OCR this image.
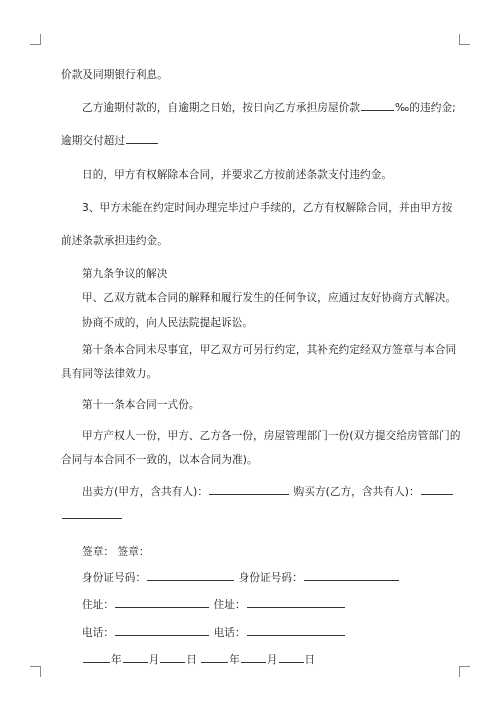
价款及同期银行利息。
乙方逾期付款的，自逾期之日始，按日向乙方承担房屋价款	‰的违约金;
逾期交付超过
日的，甲方有权解除本合同，并要求乙方按前述条款支付违约金。
3、甲方未能在约定时间办理完毕过户手续的，乙方有权解除合同，并由甲方按
前述条款承担违约金。
第九条争议的解决
甲、乙双方就本合同的解释和履行发生的任何争议，应通过友好协商方式解决。
协商不成的，向人民法院提起诉讼。
第十条本合同未尽事宜，甲乙双方可另行约定，其补充约定经双方签章与本合同
具有同等法律效力。
第十一条本合同一式份。
甲方产权人一份，甲方、乙方各一份，房屋管理部门一份(双方提交给房管部门的
合同与本合同不一致的，以本合同为准)。
出卖方(甲方，含共有人)：	购买方(乙方，含共有人)：
签章： 签章：
身份证号码：	身份证号码：
住址：	住址：
电话：	电话：
年	月	日	年	月	日
